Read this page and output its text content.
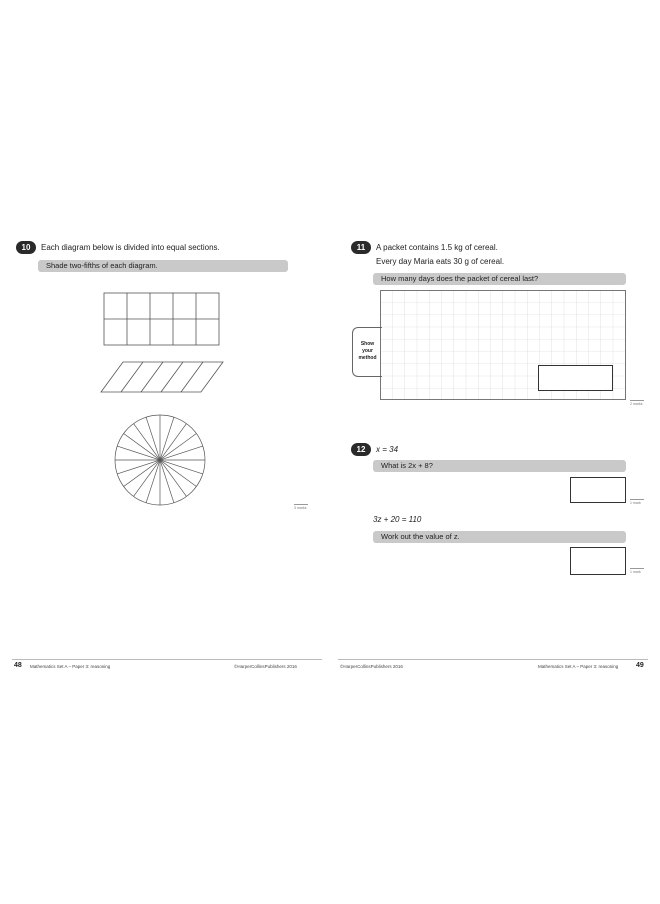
10	Each diagram below is divided into equal sections.
Shade two-fifths of each diagram.
3 marks
48 Mathematics Set A – Paper 3: reasoning	©HarperCollinsPublishers 2016
11	A packet contains 1.5 kg of cereal.
Every day Maria eats 30 g of cereal.
How many days does the packet of cereal last?
Show
your
method
2 marks
12	x = 34
What is 2x + 8?
1 mark
3z + 20 = 110
Work out the value of z.
1 mark
©HarperCollinsPublishers 2016	Mathematics Set A – Paper 3: reasoning	49
